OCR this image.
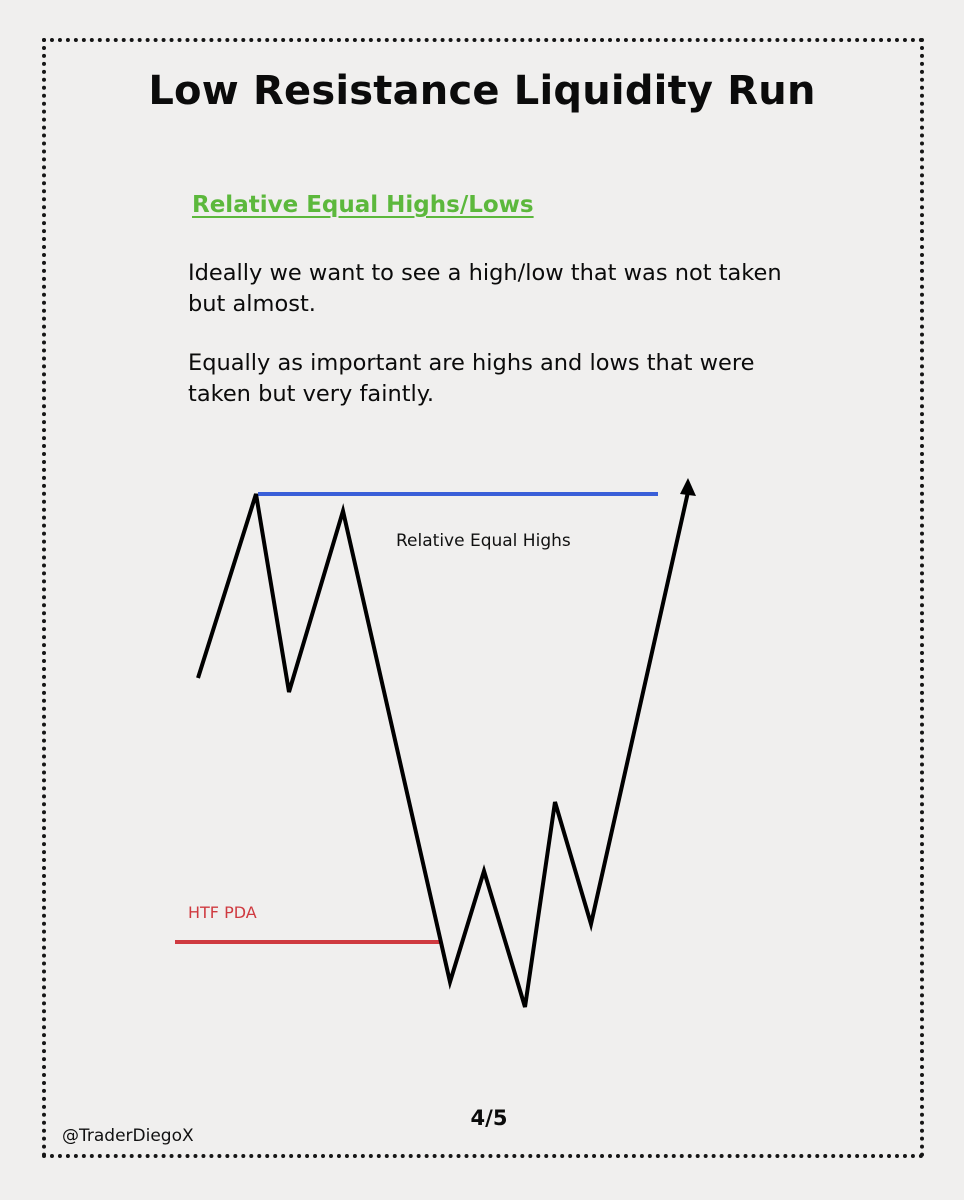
Low Resistance Liquidity Run
Relative Equal Highs/Lows

Ideally we want to see a high/low that was not taken but almost.

Equally as important are highs and lows that were taken but very faintly.

Relative Equal Highs
HTF PDA
@TraderDiegoX
4/5
